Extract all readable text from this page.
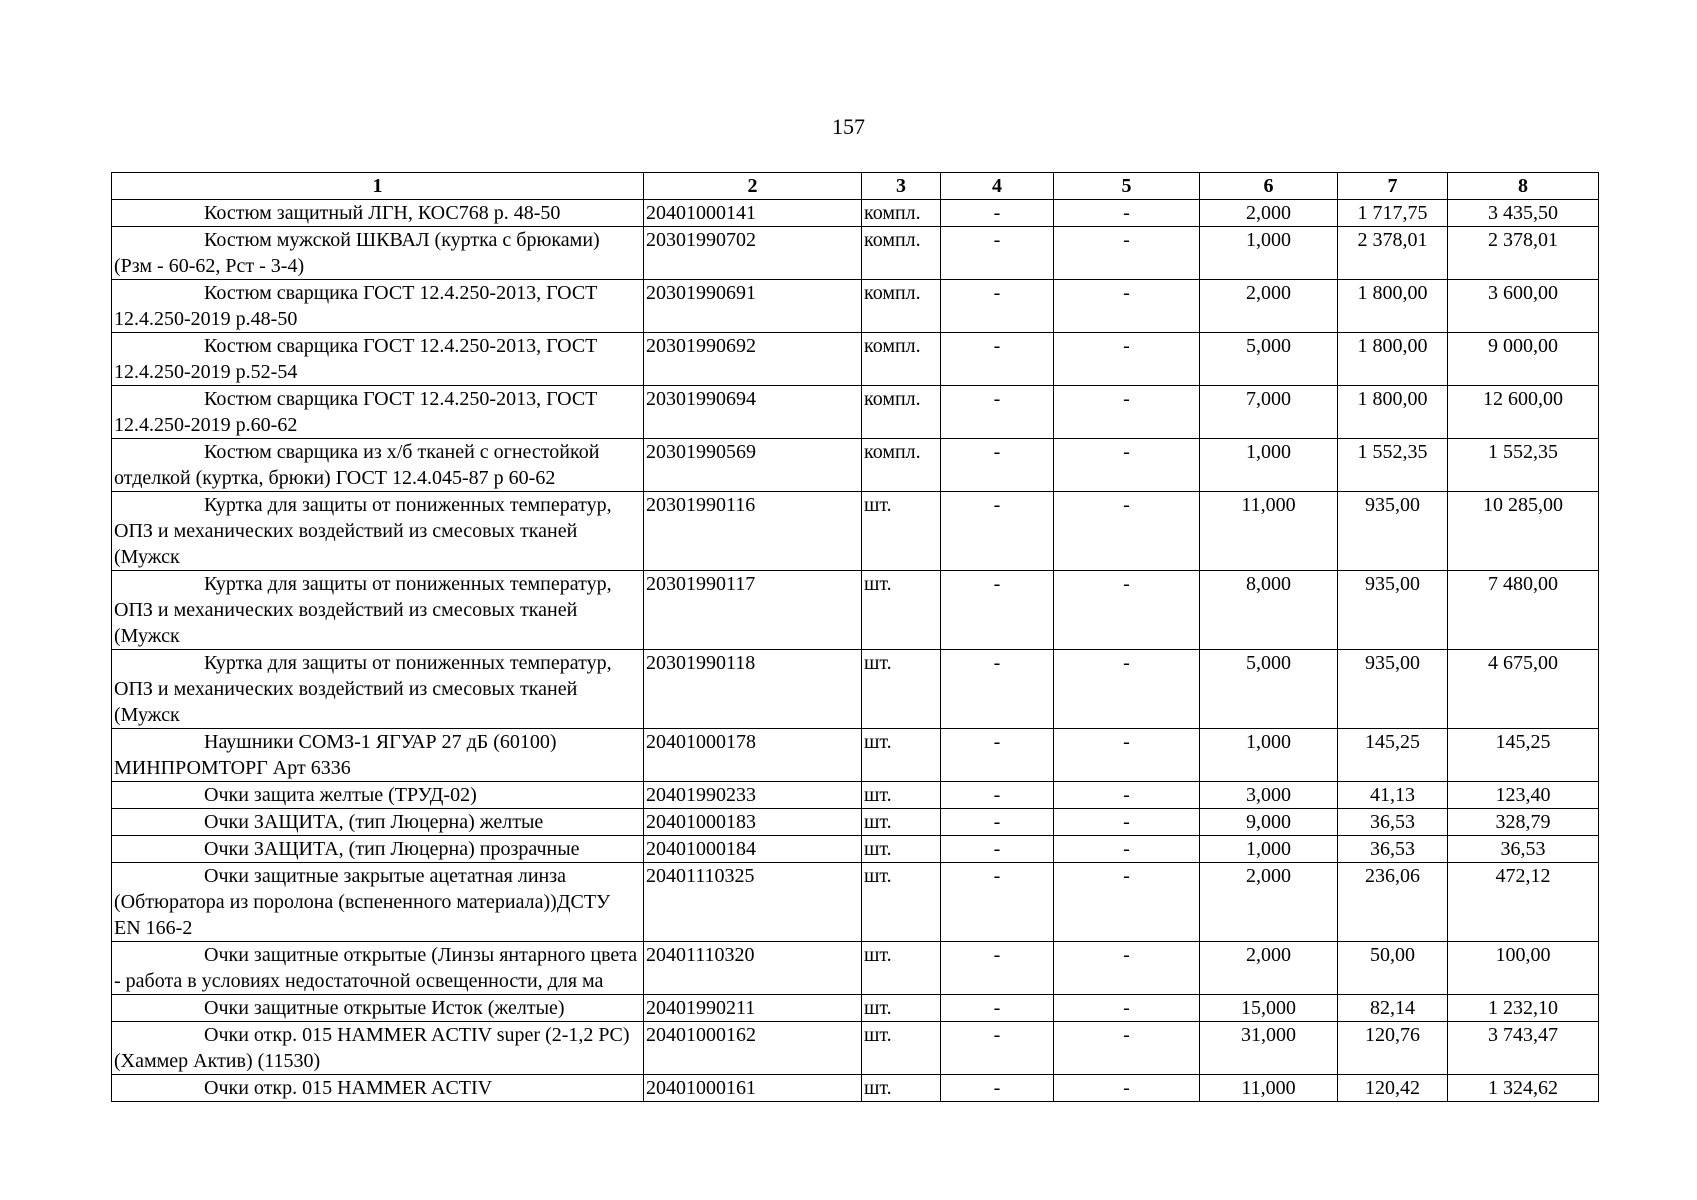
157
1	2	3	4	5	6	7	8
Костюм защитный ЛГН, КОС768 р. 48-50	20401000141	компл.	-	-	2,000	1 717,75	3 435,50
Костюм мужской ШКВАЛ (куртка с брюками) (Рзм - 60-62, Рст - 3-4)	20301990702	компл.	-	-	1,000	2 378,01	2 378,01
Костюм сварщика ГОСТ 12.4.250-2013, ГОСТ 12.4.250-2019 р.48-50	20301990691	компл.	-	-	2,000	1 800,00	3 600,00
Костюм сварщика ГОСТ 12.4.250-2013, ГОСТ 12.4.250-2019 р.52-54	20301990692	компл.	-	-	5,000	1 800,00	9 000,00
Костюм сварщика ГОСТ 12.4.250-2013, ГОСТ 12.4.250-2019 р.60-62	20301990694	компл.	-	-	7,000	1 800,00	12 600,00
Костюм сварщика из х/б тканей с огнестойкой отделкой (куртка, брюки) ГОСТ 12.4.045-87 р 60-62	20301990569	компл.	-	-	1,000	1 552,35	1 552,35
Куртка для защиты от пониженных температур, ОПЗ и механических воздействий из смесовых тканей (Мужск	20301990116	шт.	-	-	11,000	935,00	10 285,00
Куртка для защиты от пониженных температур, ОПЗ и механических воздействий из смесовых тканей (Мужск	20301990117	шт.	-	-	8,000	935,00	7 480,00
Куртка для защиты от пониженных температур, ОПЗ и механических воздействий из смесовых тканей (Мужск	20301990118	шт.	-	-	5,000	935,00	4 675,00
Наушники СОМЗ-1 ЯГУАР 27 дБ (60100) МИНПРОМТОРГ Арт 6336	20401000178	шт.	-	-	1,000	145,25	145,25
Очки защита желтые (ТРУД-02)	20401990233	шт.	-	-	3,000	41,13	123,40
Очки ЗАЩИТА, (тип Люцерна) желтые	20401000183	шт.	-	-	9,000	36,53	328,79
Очки ЗАЩИТА, (тип Люцерна) прозрачные	20401000184	шт.	-	-	1,000	36,53	36,53
Очки защитные закрытые ацетатная линза (Обтюратора из поролона (вспененного материала))ДСТУ EN 166-2	20401110325	шт.	-	-	2,000	236,06	472,12
Очки защитные открытые (Линзы янтарного цвета - работа в условиях недостаточной освещенности, для ма	20401110320	шт.	-	-	2,000	50,00	100,00
Очки защитные открытые Исток (желтые)	20401990211	шт.	-	-	15,000	82,14	1 232,10
Очки откр. 015 HAMMER ACTIV super (2-1,2 PC) (Хаммер Актив) (11530)	20401000162	шт.	-	-	31,000	120,76	3 743,47
Очки откр. 015 HAMMER ACTIV	20401000161	шт.	-	-	11,000	120,42	1 324,62
